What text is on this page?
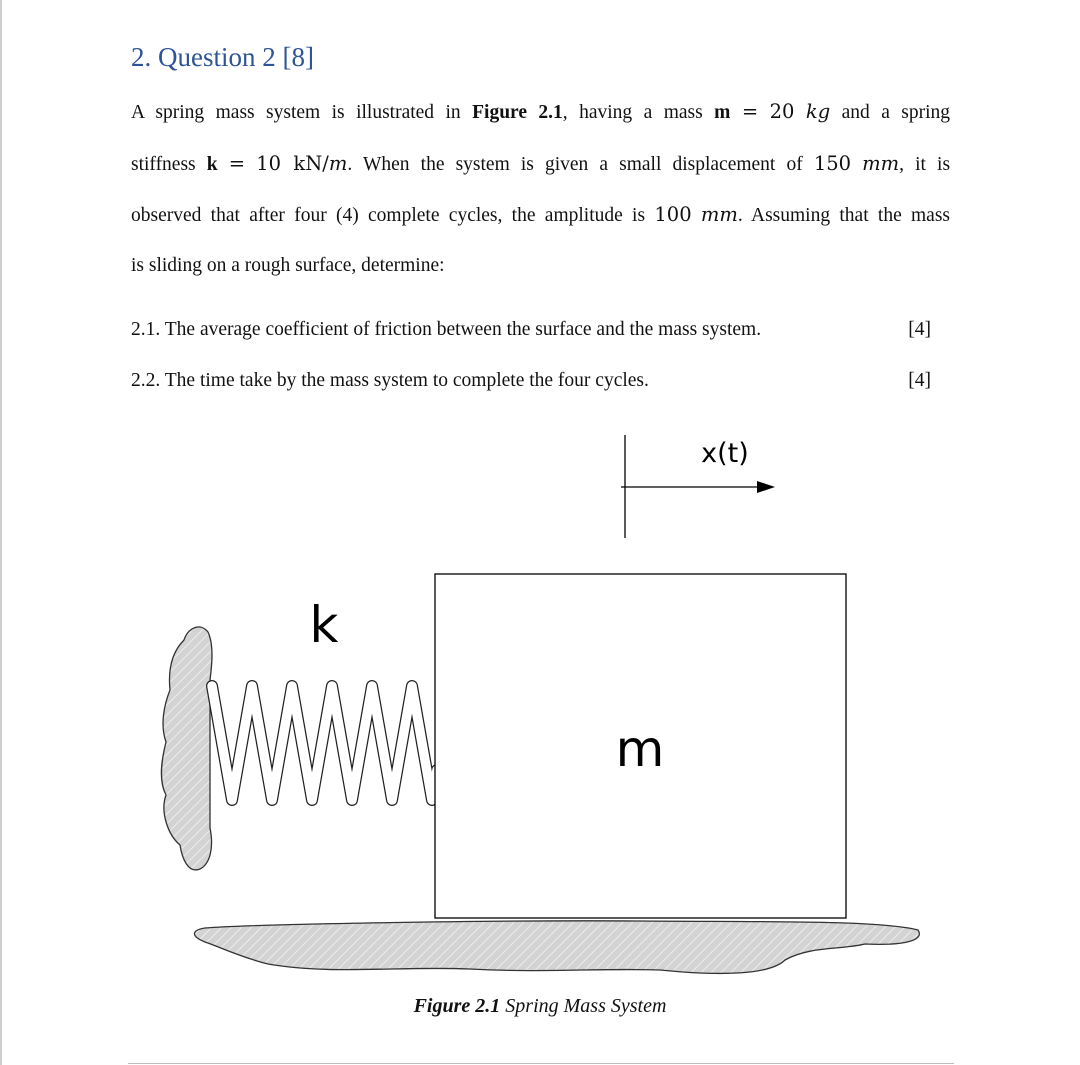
2. Question 2 [8]
A spring mass system is illustrated in Figure 2.1, having a mass m = 20 kg and a spring
stiffness k = 10 kN/m. When the system is given a small displacement of 150 mm, it is
observed that after four (4) complete cycles, the amplitude is 100 mm. Assuming that the mass
is sliding on a rough surface, determine:
2.1. The average coefficient of friction between the surface and the mass system.	[4]
2.2. The time take by the mass system to complete the four cycles.	[4]
x(t)
k
m
Figure 2.1 Spring Mass System
